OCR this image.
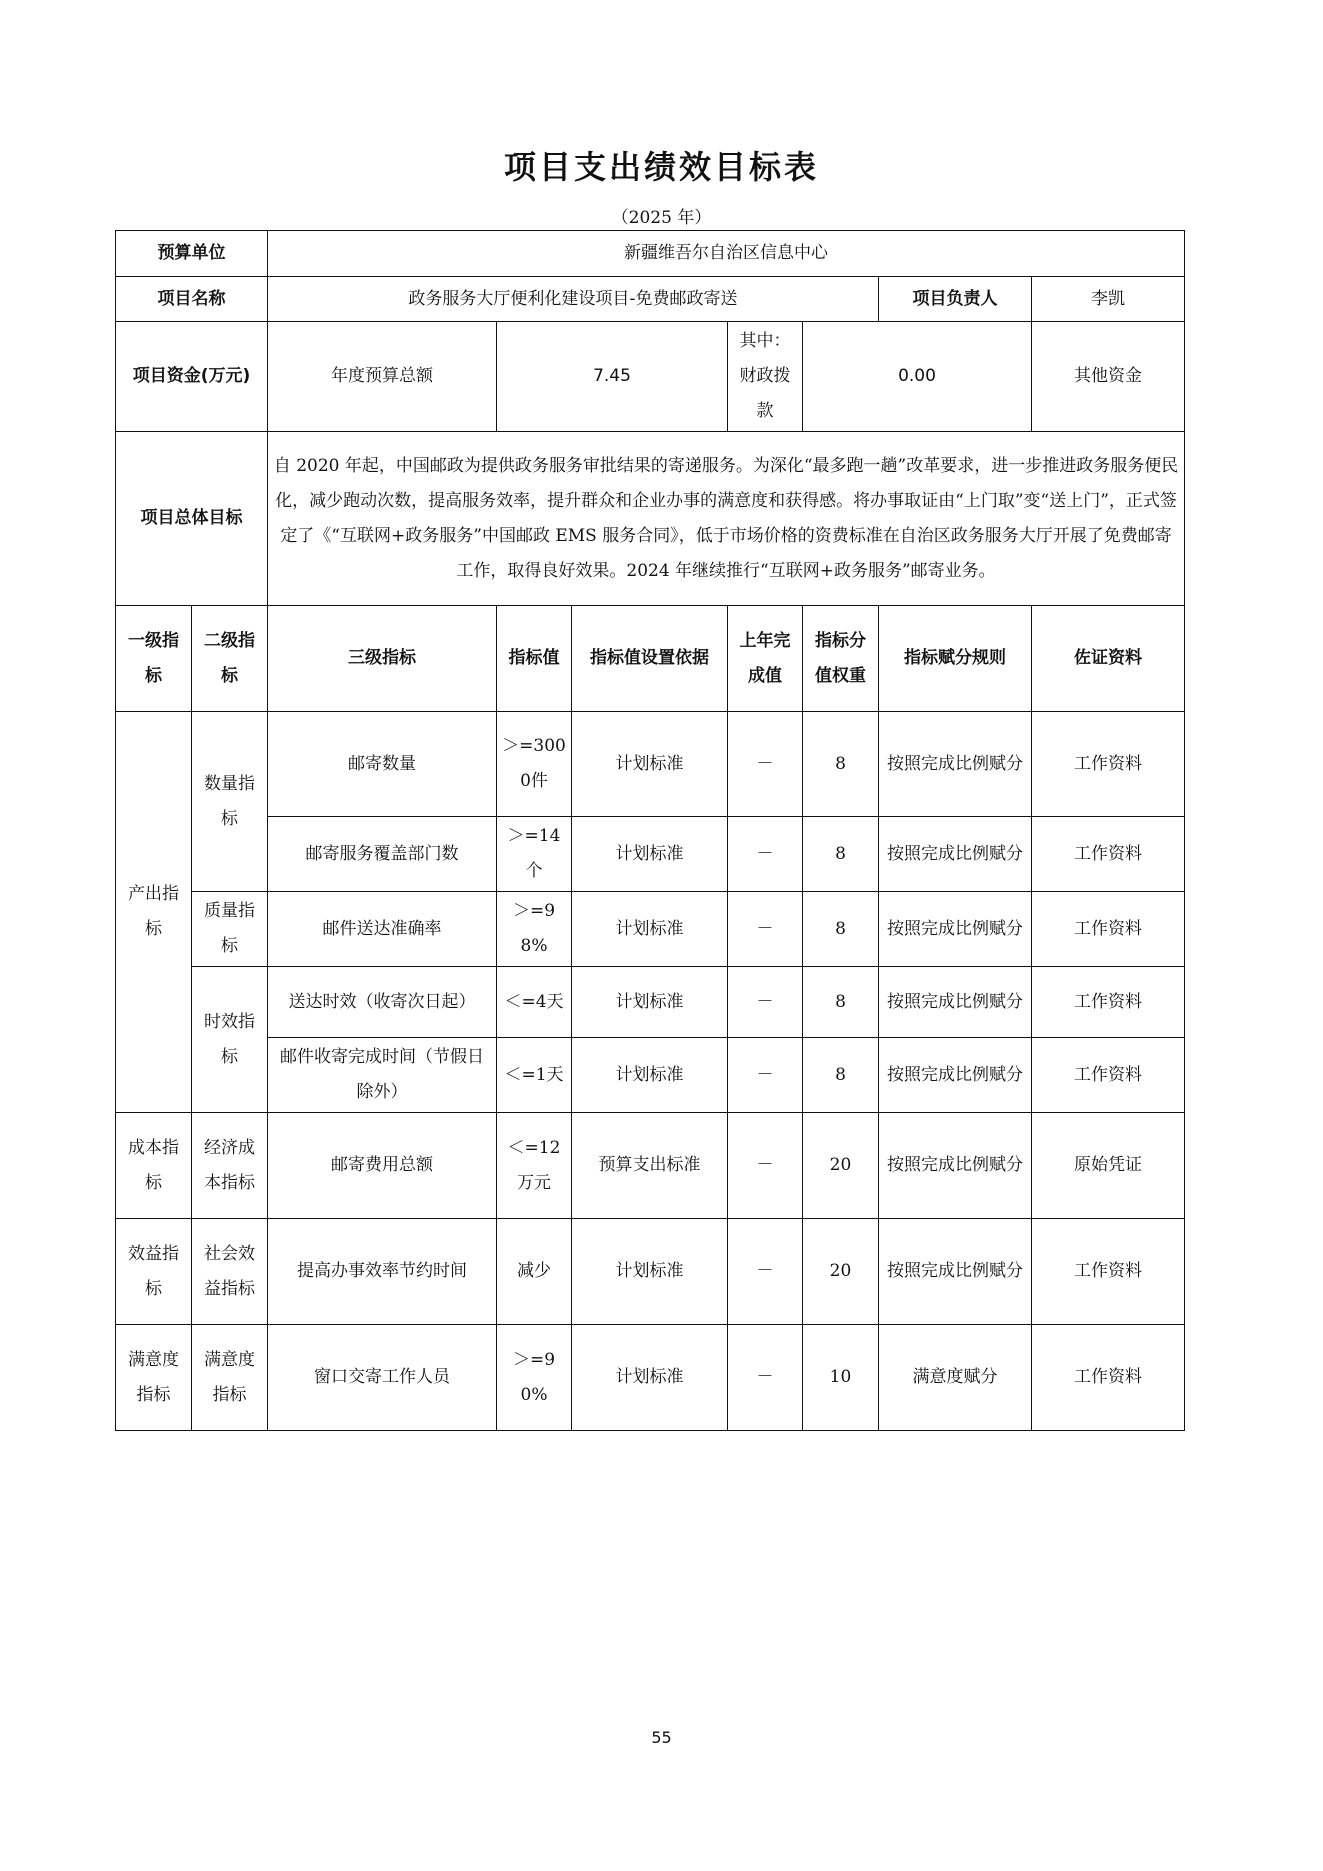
项目支出绩效目标表
（2025 年）
预算单位		新疆维吾尔自治区信息中心						
项目名称		政务服务大厅便利化建设项目-免费邮政寄送					项目负责人	李凯
项目资金(万元)		年度预算总额	7.45		其中：财政拨款	0.00		其他资金
项目总体目标		自 2020 年起，中国邮政为提供政务服务审批结果的寄递服务。为深化“最多跑一趟”改革要求，进一步推进政务服务便民化，减少跑动次数，提高服务效率，提升群众和企业办事的满意度和获得感。将办事取证由“上门取”变“送上门”，正式签定了《“互联网+政务服务”中国邮政 EMS 服务合同》，低于市场价格的资费标准在自治区政务服务大厅开展了免费邮寄工作，取得良好效果。2024 年继续推行“互联网+政务服务”邮寄业务。						
一级指标	二级指标	三级指标	指标值	指标值设置依据	上年完成值	指标分值权重	指标赋分规则	佐证资料
产出指标	数量指标	邮寄数量	＞=3000件	计划标准	－	8	按照完成比例赋分	工作资料
		邮寄服务覆盖部门数	＞=14个	计划标准	－	8	按照完成比例赋分	工作资料
	质量指标	邮件送达准确率	＞=98%	计划标准	－	8	按照完成比例赋分	工作资料
	时效指标	送达时效（收寄次日起）	＜=4天	计划标准	－	8	按照完成比例赋分	工作资料
		邮件收寄完成时间（节假日除外）	＜=1天	计划标准	－	8	按照完成比例赋分	工作资料
成本指标	经济成本指标	邮寄费用总额	＜=12万元	预算支出标准	－	20	按照完成比例赋分	原始凭证
效益指标	社会效益指标	提高办事效率节约时间	减少	计划标准	－	20	按照完成比例赋分	工作资料
满意度指标	满意度指标	窗口交寄工作人员	＞=90%	计划标准	－	10	满意度赋分	工作资料
55
